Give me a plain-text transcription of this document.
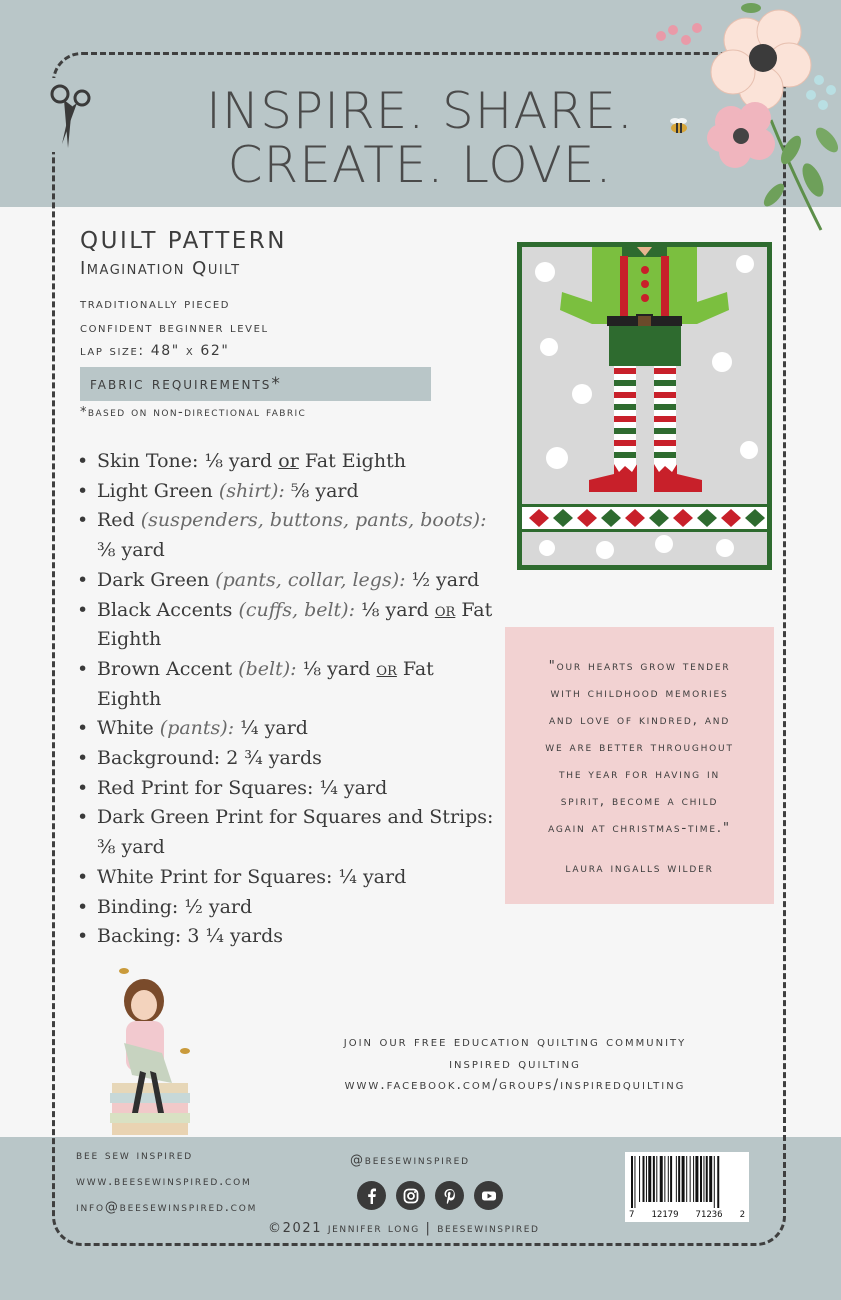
INSPIRE. SHARE.
CREATE. LOVE.
QUILT PATTERN
Imagination Quilt
traditionally pieced
confident beginner level
lap size: 48" x 62"
fabric requirements*
*based on non-directional fabric
• Skin Tone: ⅛ yard or Fat Eighth
• Light Green (shirt): ⅝ yard
• Red (suspenders, buttons, pants, boots): ⅜ yard
• Dark Green (pants, collar, legs): ½ yard
• Black Accents (cuffs, belt): ⅛ yard or Fat Eighth
• Brown Accent (belt): ⅛ yard or Fat Eighth
• White (pants): ¼ yard
• Background: 2 ¾ yards
• Red Print for Squares: ¼ yard
• Dark Green Print for Squares and Strips: ⅜ yard
• White Print for Squares: ¼ yard
• Binding: ½ yard
• Backing: 3 ¼ yards
"our hearts grow tender
with childhood memories
and love of kindred, and
we are better throughout
the year for having in
spirit, become a child
again at christmas-time."
laura ingalls wilder
join our free education quilting community
inspired quilting
www.facebook.com/groups/inspiredquilting
bee sew inspired
www.beesewinspired.com
info@beesewinspired.com
@beesewinspired
©2021 jennifer long | beesewinspired
7 12179 71236 2
